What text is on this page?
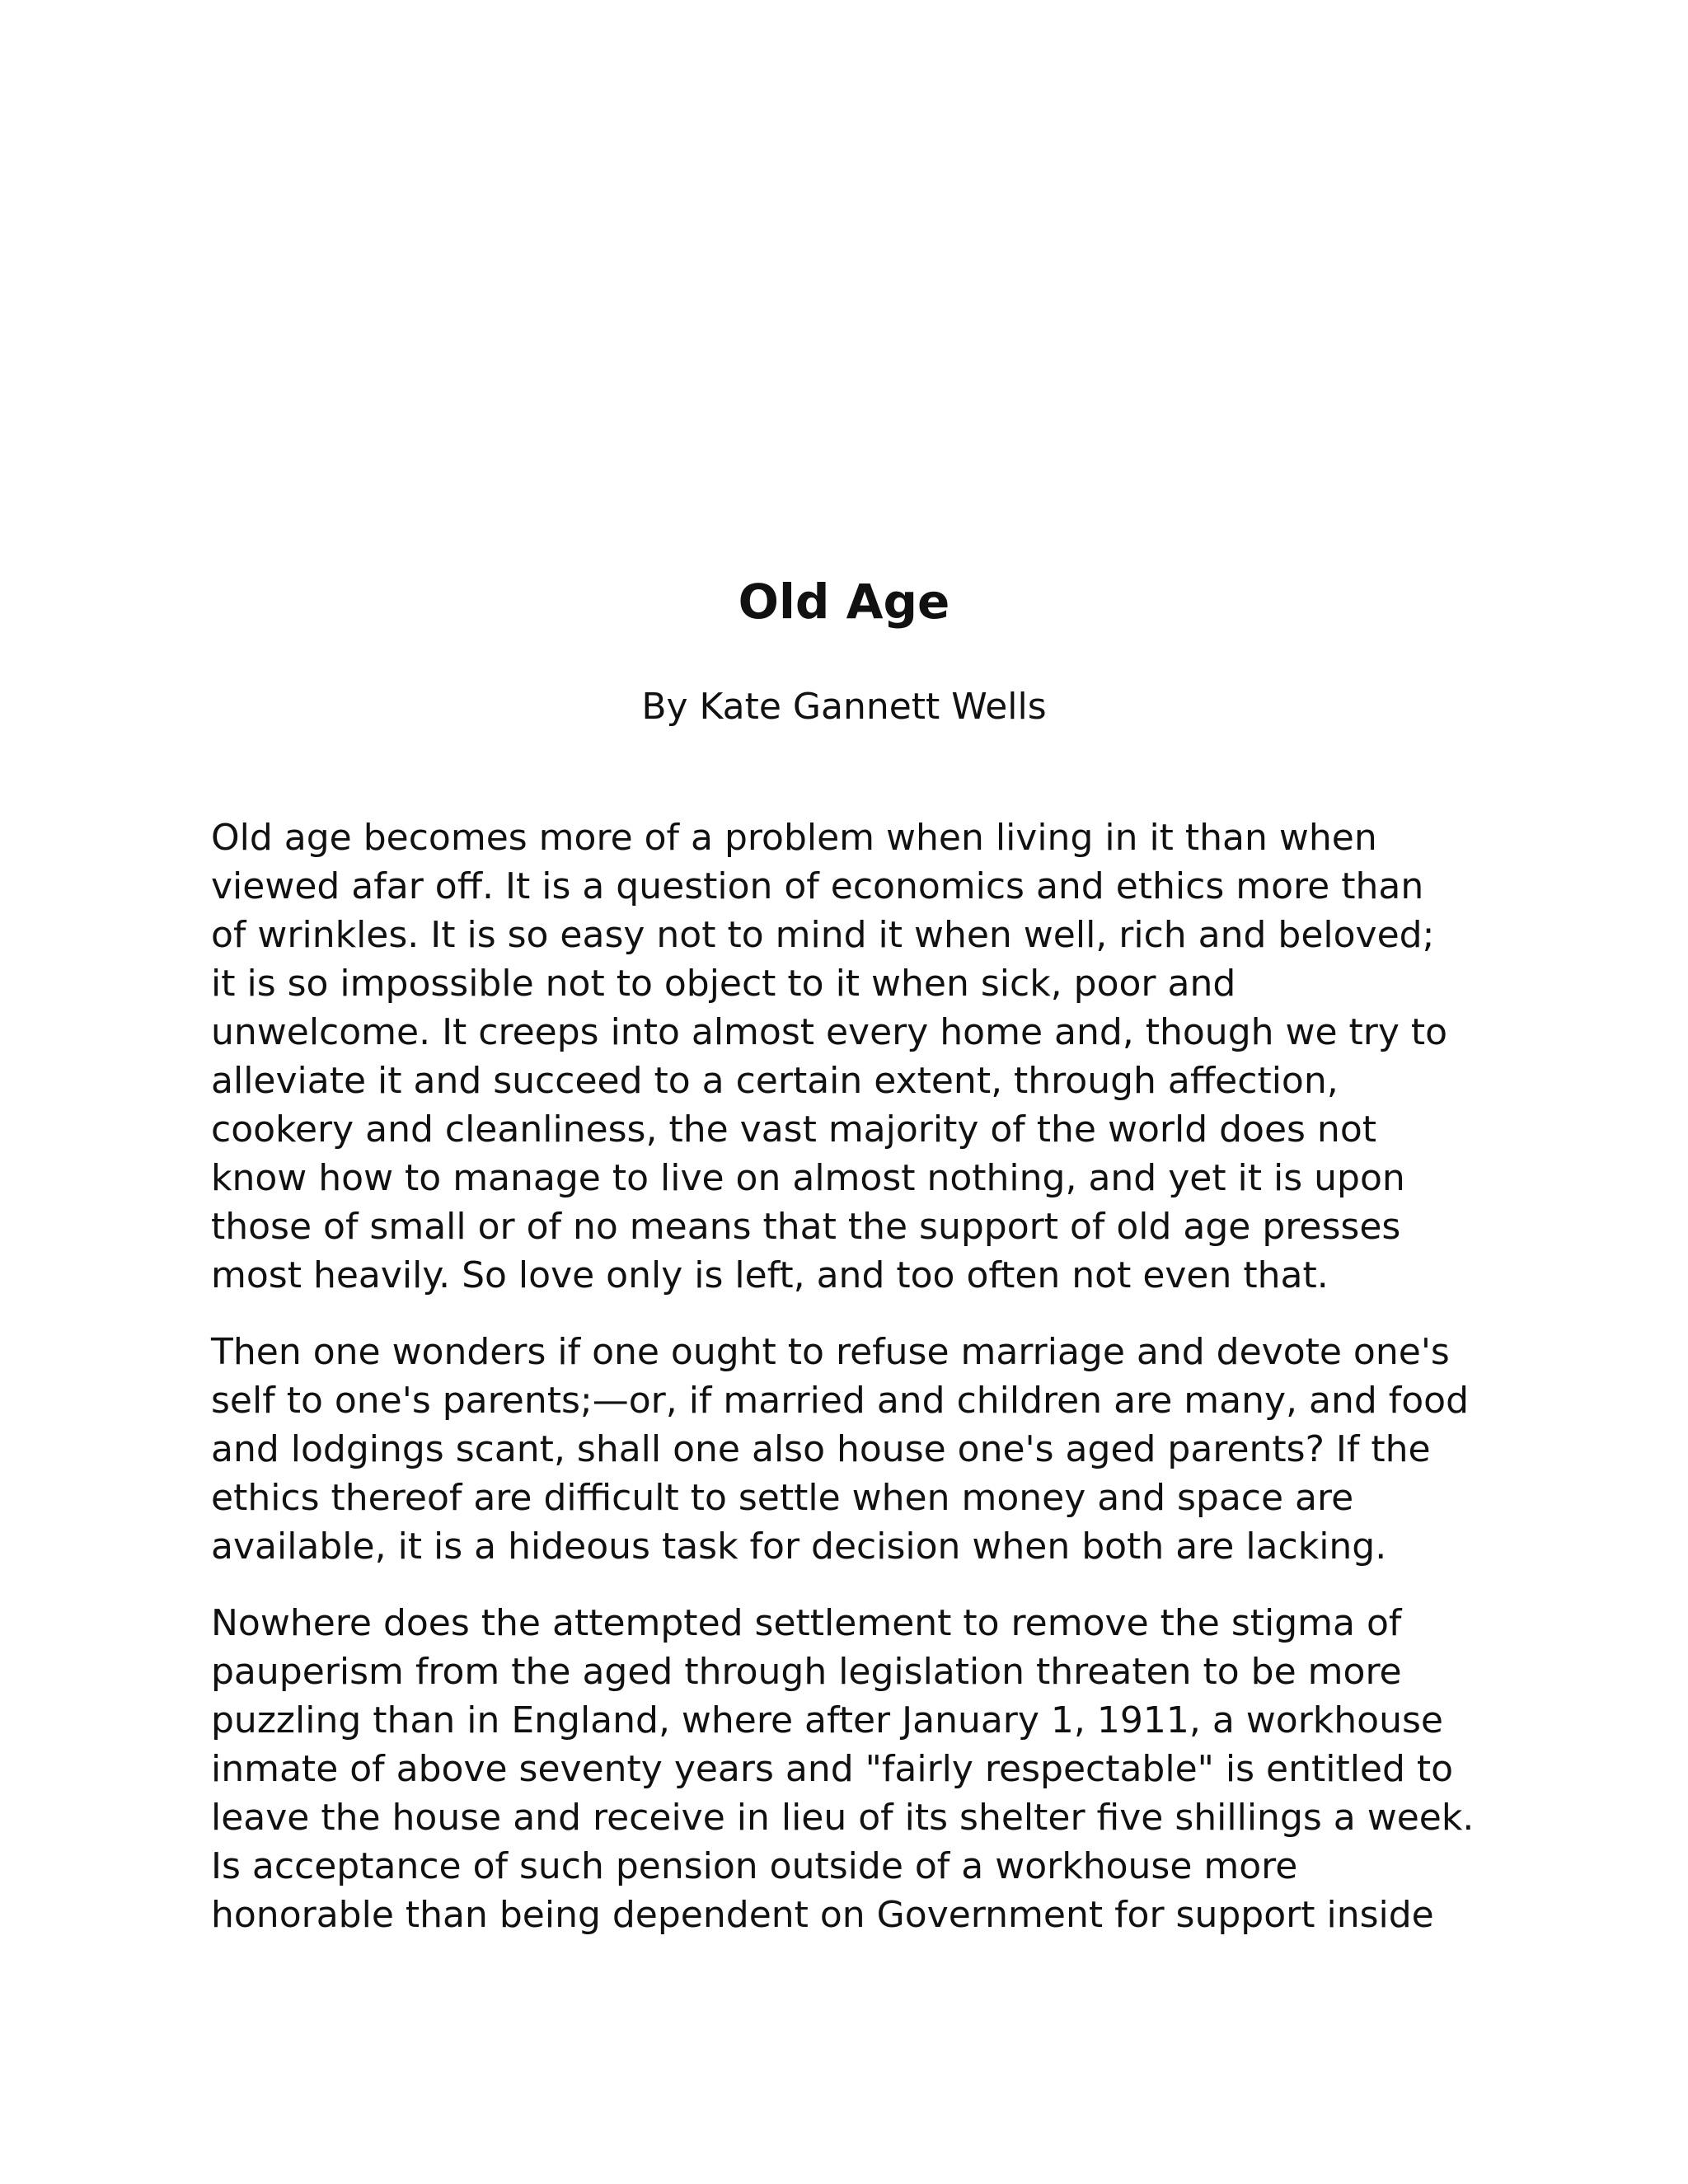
Old Age

By Kate Gannett Wells

Old age becomes more of a problem when living in it than when
viewed afar off. It is a question of economics and ethics more than
of wrinkles. It is so easy not to mind it when well, rich and beloved;
it is so impossible not to object to it when sick, poor and
unwelcome. It creeps into almost every home and, though we try to
alleviate it and succeed to a certain extent, through affection,
cookery and cleanliness, the vast majority of the world does not
know how to manage to live on almost nothing, and yet it is upon
those of small or of no means that the support of old age presses
most heavily. So love only is left, and too often not even that.

Then one wonders if one ought to refuse marriage and devote one's
self to one's parents;—or, if married and children are many, and food
and lodgings scant, shall one also house one's aged parents? If the
ethics thereof are difficult to settle when money and space are
available, it is a hideous task for decision when both are lacking.

Nowhere does the attempted settlement to remove the stigma of
pauperism from the aged through legislation threaten to be more
puzzling than in England, where after January 1, 1911, a workhouse
inmate of above seventy years and "fairly respectable" is entitled to
leave the house and receive in lieu of its shelter five shillings a week.
Is acceptance of such pension outside of a workhouse more
honorable than being dependent on Government for support inside
